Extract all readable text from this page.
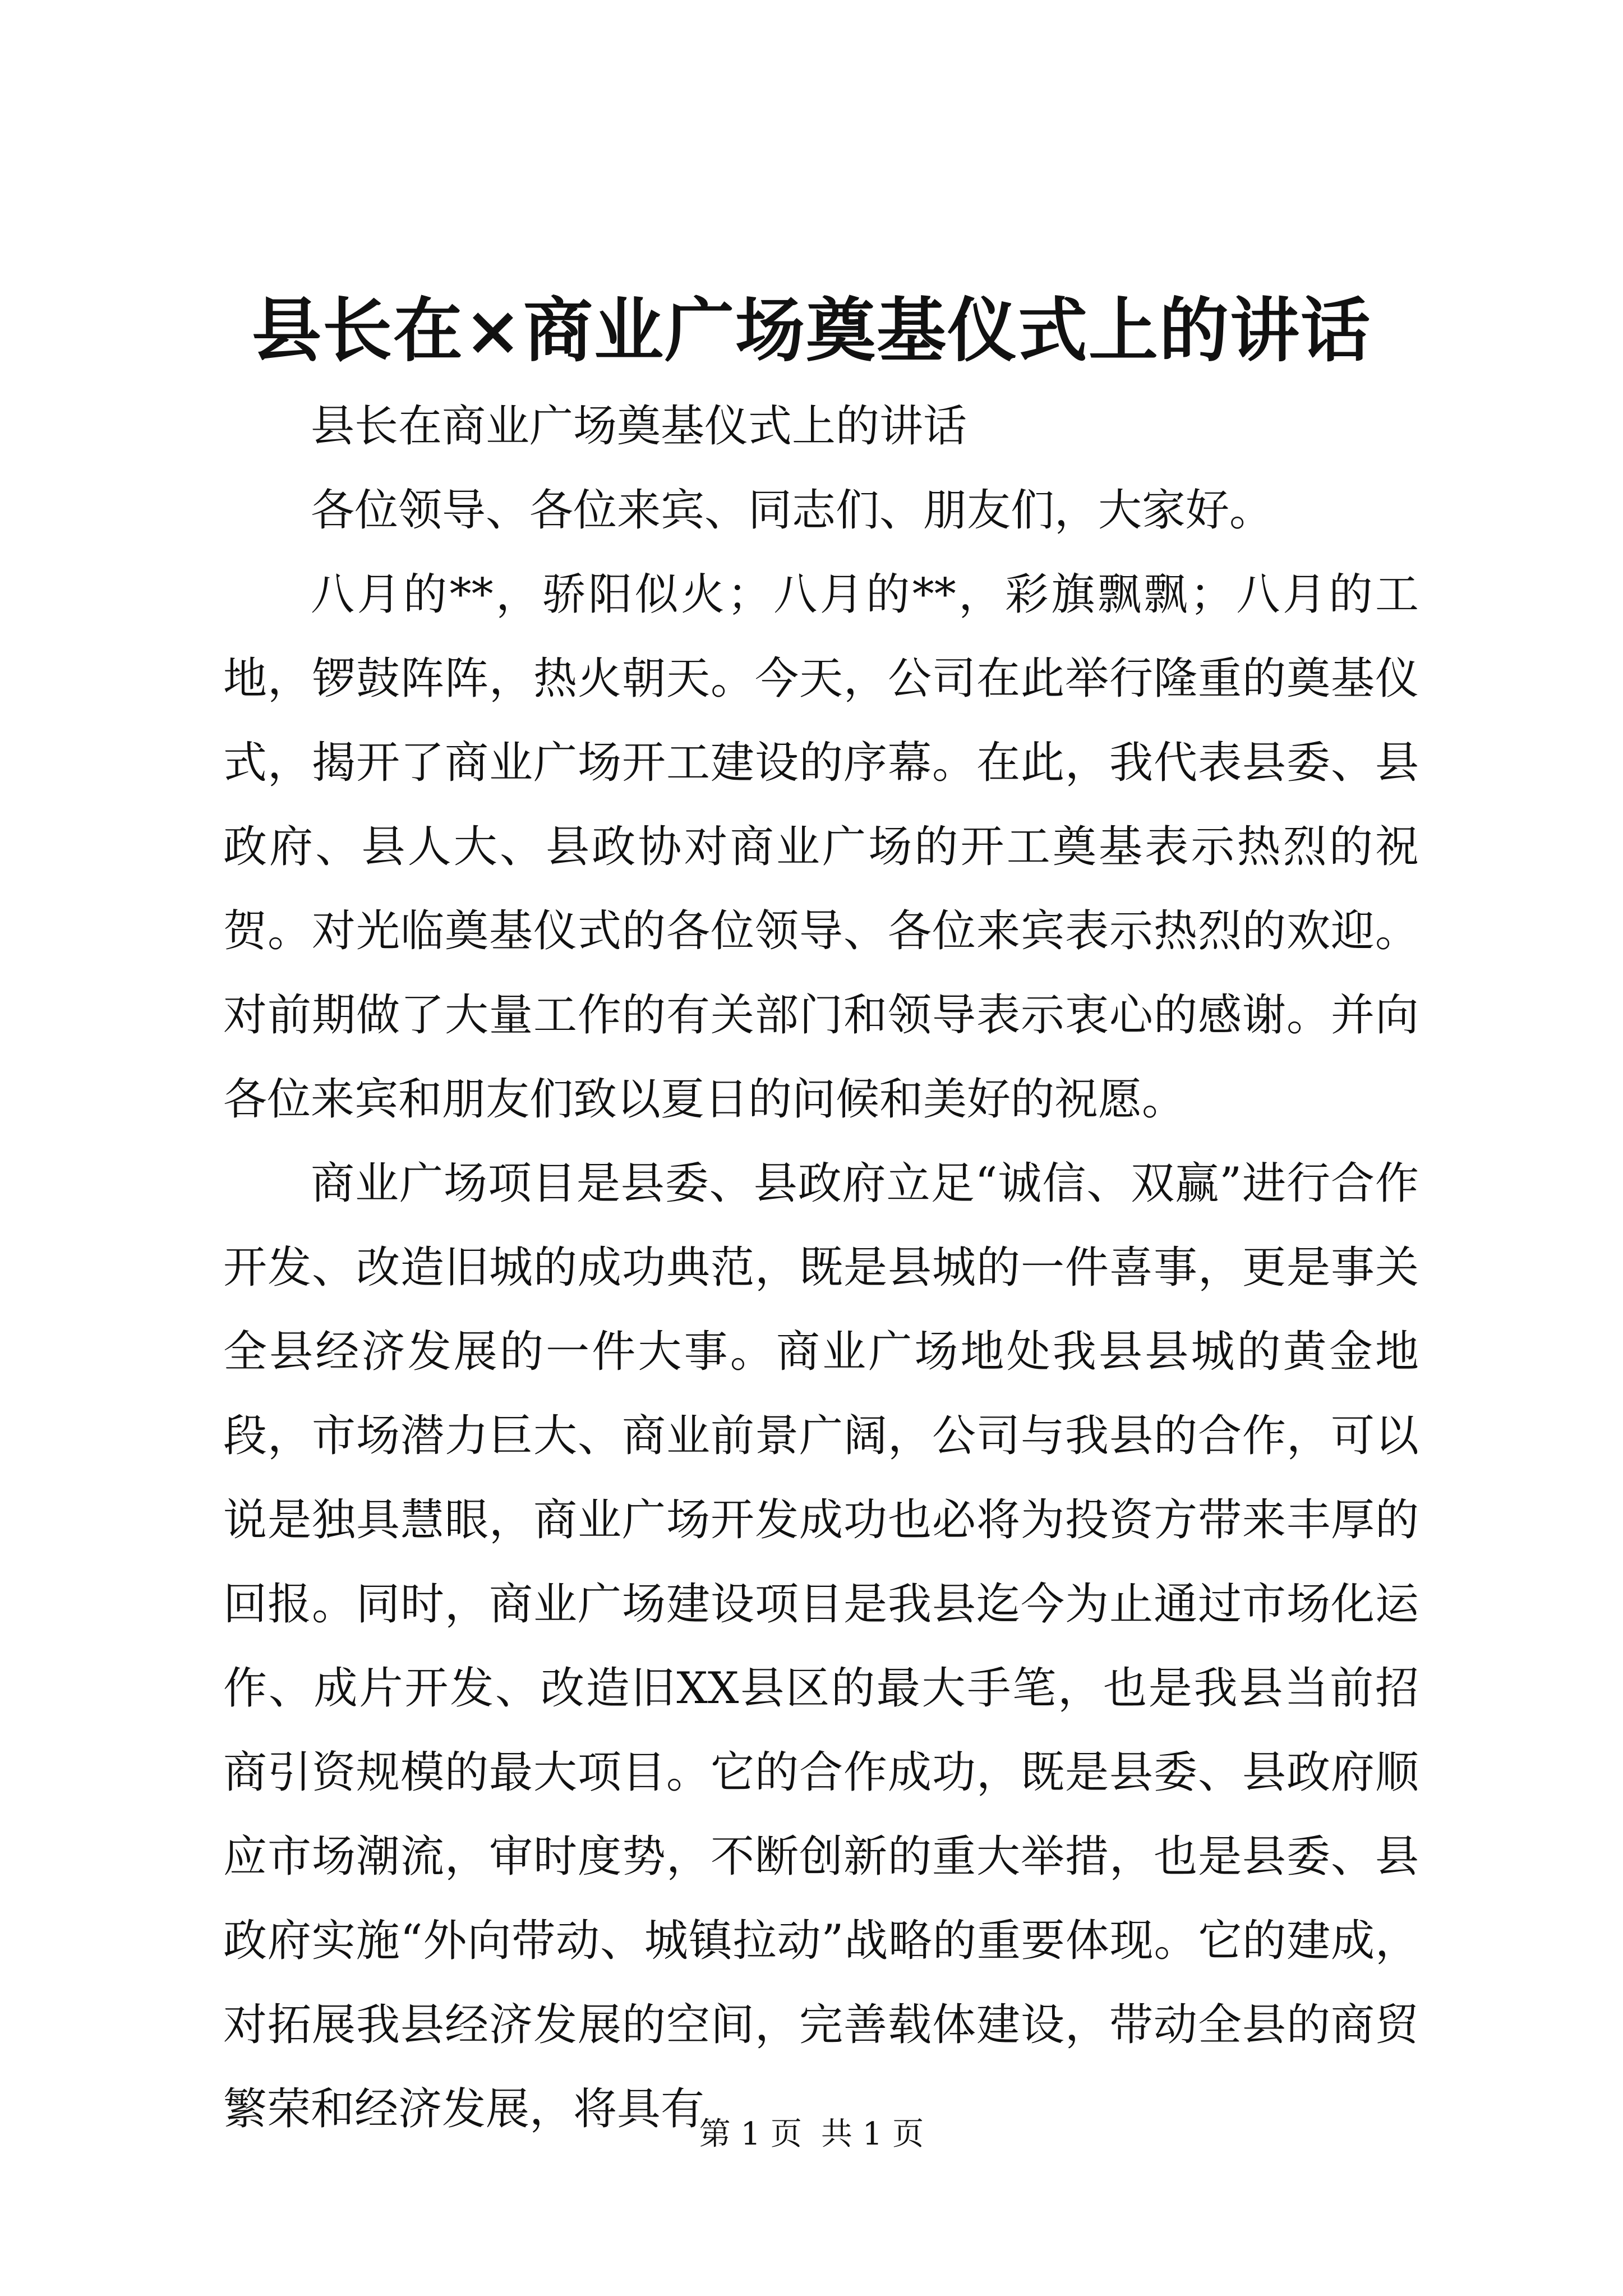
县长在×商业广场奠基仪式上的讲话

县长在商业广场奠基仪式上的讲话

各位领导、各位来宾、同志们、朋友们，大家好。

八月的**，骄阳似火；八月的**，彩旗飘飘；八月的工地，锣鼓阵阵，热火朝天。今天，公司在此举行隆重的奠基仪式，揭开了商业广场开工建设的序幕。在此，我代表县委、县政府、县人大、县政协对商业广场的开工奠基表示热烈的祝贺。对光临奠基仪式的各位领导、各位来宾表示热烈的欢迎。对前期做了大量工作的有关部门和领导表示衷心的感谢。并向各位来宾和朋友们致以夏日的问候和美好的祝愿。

商业广场项目是县委、县政府立足“诚信、双赢”进行合作开发、改造旧城的成功典范，既是县城的一件喜事，更是事关全县经济发展的一件大事。商业广场地处我县县城的黄金地段，市场潜力巨大、商业前景广阔，公司与我县的合作，可以说是独具慧眼，商业广场开发成功也必将为投资方带来丰厚的回报。同时，商业广场建设项目是我县迄今为止通过市场化运作、成片开发、改造旧XX县区的最大手笔，也是我县当前招商引资规模的最大项目。它的合作成功，既是县委、县政府顺应市场潮流，审时度势，不断创新的重大举措，也是县委、县政府实施“外向带动、城镇拉动”战略的重要体现。它的建成，对拓展我县经济发展的空间，完善载体建设，带动全县的商贸繁荣和经济发展，将具有

第 1 页 共 1 页
